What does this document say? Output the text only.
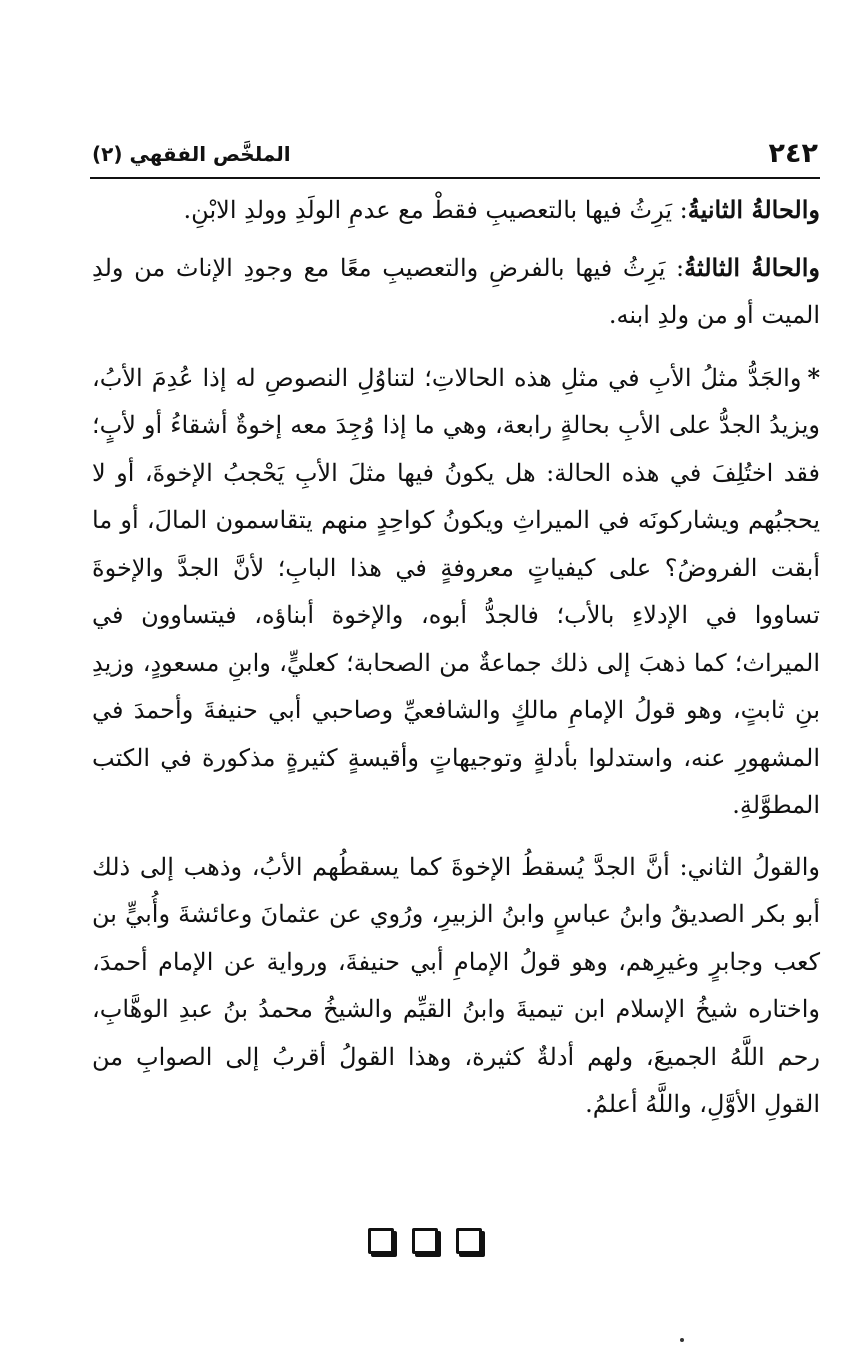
٢٤٢
الملخَّص الفقهي (٢)

والحالةُ الثانيةُ: يَرِثُ فيها بالتعصيبِ فقطْ مع عدمِ الولَدِ وولدِ الابْنِ.

والحالةُ الثالثةُ: يَرِثُ فيها بالفرضِ والتعصيبِ معًا مع وجودِ الإناث من ولدِ الميت أو من ولدِ ابنه.

*والجَدُّ مثلُ الأبِ في مثلِ هذه الحالاتِ؛ لتناوُلِ النصوصِ له إذا عُدِمَ الأبُ، ويزيدُ الجدُّ على الأبِ بحالةٍ رابعة، وهي ما إذا وُجِدَ معه إخوةٌ أشقاءُ أو لأبٍ؛ فقد اختُلِفَ في هذه الحالة: هل يكونُ فيها مثلَ الأبِ يَحْجبُ الإخوةَ، أو لا يحجبُهم ويشاركونَه في الميراثِ ويكونُ كواحِدٍ منهم يتقاسمون المالَ، أو ما أبقت الفروضُ؟ على كيفياتٍ معروفةٍ في هذا البابِ؛ لأنَّ الجدَّ والإخوةَ تساووا في الإدلاءِ بالأب؛ فالجدُّ أبوه، والإخوة أبناؤه، فيتساوون في الميراث؛ كما ذهبَ إلى ذلك جماعةٌ من الصحابة؛ كعليٍّ، وابنِ مسعودٍ، وزيدِ بنِ ثابتٍ، وهو قولُ الإمامِ مالكٍ والشافعيِّ وصاحبي أبي حنيفةَ وأحمدَ في المشهورِ عنه، واستدلوا بأدلةٍ وتوجيهاتٍ وأقيسةٍ كثيرةٍ مذكورة في الكتب المطوَّلةِ.

والقولُ الثاني: أنَّ الجدَّ يُسقطُ الإخوةَ كما يسقطُهم الأبُ، وذهب إلى ذلك أبو بكر الصديقُ وابنُ عباسٍ وابنُ الزبيرِ، ورُوي عن عثمانَ وعائشةَ وأُبيٍّ بن كعب وجابرٍ وغيرِهم، وهو قولُ الإمامِ أبي حنيفةَ، ورواية عن الإمام أحمدَ، واختاره شيخُ الإسلام ابن تيميةَ وابنُ القيِّم والشيخُ محمدُ بنُ عبدِ الوهَّابِ، رحم اللَّهُ الجميعَ، ولهم أدلةٌ كثيرة، وهذا القولُ أقربُ إلى الصوابِ من القولِ الأوَّلِ، واللَّهُ أعلمُ.
